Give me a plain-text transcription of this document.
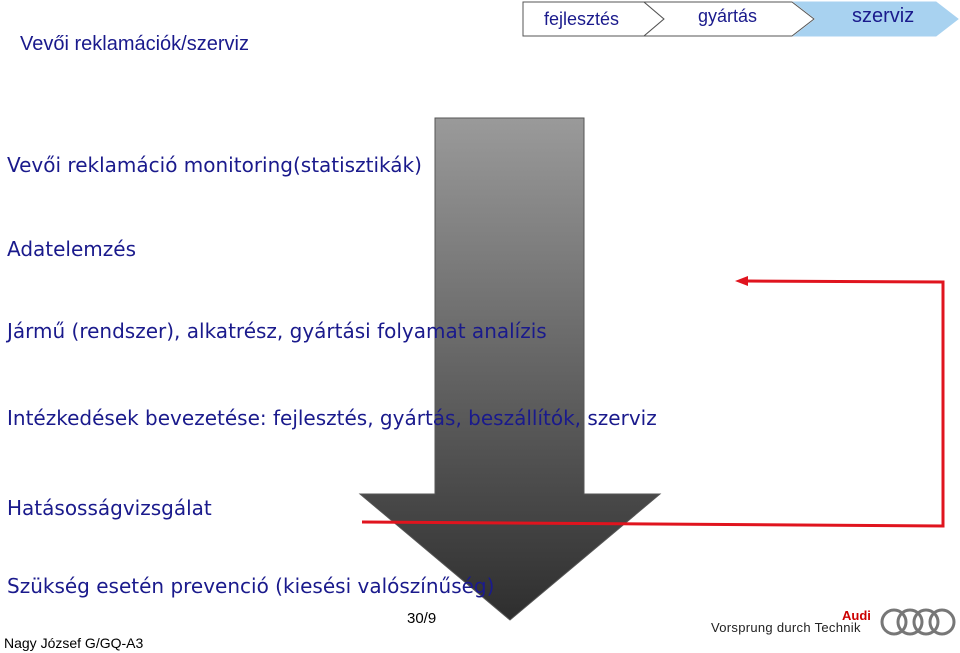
Vevői reklamációk/szerviz
fejlesztés	gyártás	szerviz
Vevői reklamáció monitoring(statisztikák)
Adatelemzés
Jármű (rendszer), alkatrész, gyártási folyamat analízis
Intézkedések bevezetése: fejlesztés, gyártás, beszállítók, szerviz
Hatásosságvizsgálat
Szükség esetén prevenció (kiesési valószínűség)
Nagy József G/GQ-A3
30/9	Audi
Vorsprung durch Technik
